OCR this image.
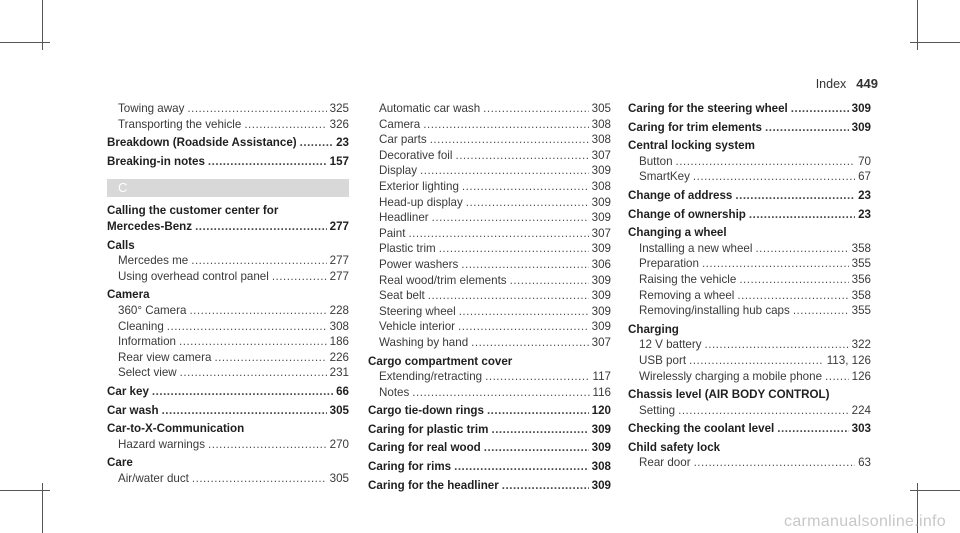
Index 449
Towing away .....	325
Transporting the vehicle .....	326
Breakdown (Roadside Assistance) .....	23
Breaking-in notes .....	157
C
Calling the customer center for
Mercedes-Benz .....	277
Calls
Mercedes me .....	277
Using overhead control panel .....	277
Camera
360° Camera .....	228
Cleaning .....	308
Information .....	186
Rear view camera .....	226
Select view .....	231
Car key .....	66
Car wash .....	305
Car-to-X-Communication
Hazard warnings .....	270
Care
Air/water duct .....	305
Automatic car wash .....	305
Camera .....	308
Car parts .....	308
Decorative foil .....	307
Display .....	309
Exterior lighting .....	308
Head-up display .....	309
Headliner .....	309
Paint .....	307
Plastic trim .....	309
Power washers .....	306
Real wood/trim elements .....	309
Seat belt .....	309
Steering wheel .....	309
Vehicle interior .....	309
Washing by hand .....	307
Cargo compartment cover
Extending/retracting .....	117
Notes .....	116
Cargo tie-down rings .....	120
Caring for plastic trim .....	309
Caring for real wood .....	309
Caring for rims .....	308
Caring for the headliner .....	309
Caring for the steering wheel .....	309
Caring for trim elements .....	309
Central locking system
Button .....	70
SmartKey .....	67
Change of address .....	23
Change of ownership .....	23
Changing a wheel
Installing a new wheel .....	358
Preparation .....	355
Raising the vehicle .....	356
Removing a wheel .....	358
Removing/installing hub caps .....	355
Charging
12 V battery .....	322
USB port .....	113, 126
Wirelessly charging a mobile phone .....	126
Chassis level (AIR BODY CONTROL)
Setting .....	224
Checking the coolant level .....	303
Child safety lock
Rear door .....	63
carmanualsonline.info
